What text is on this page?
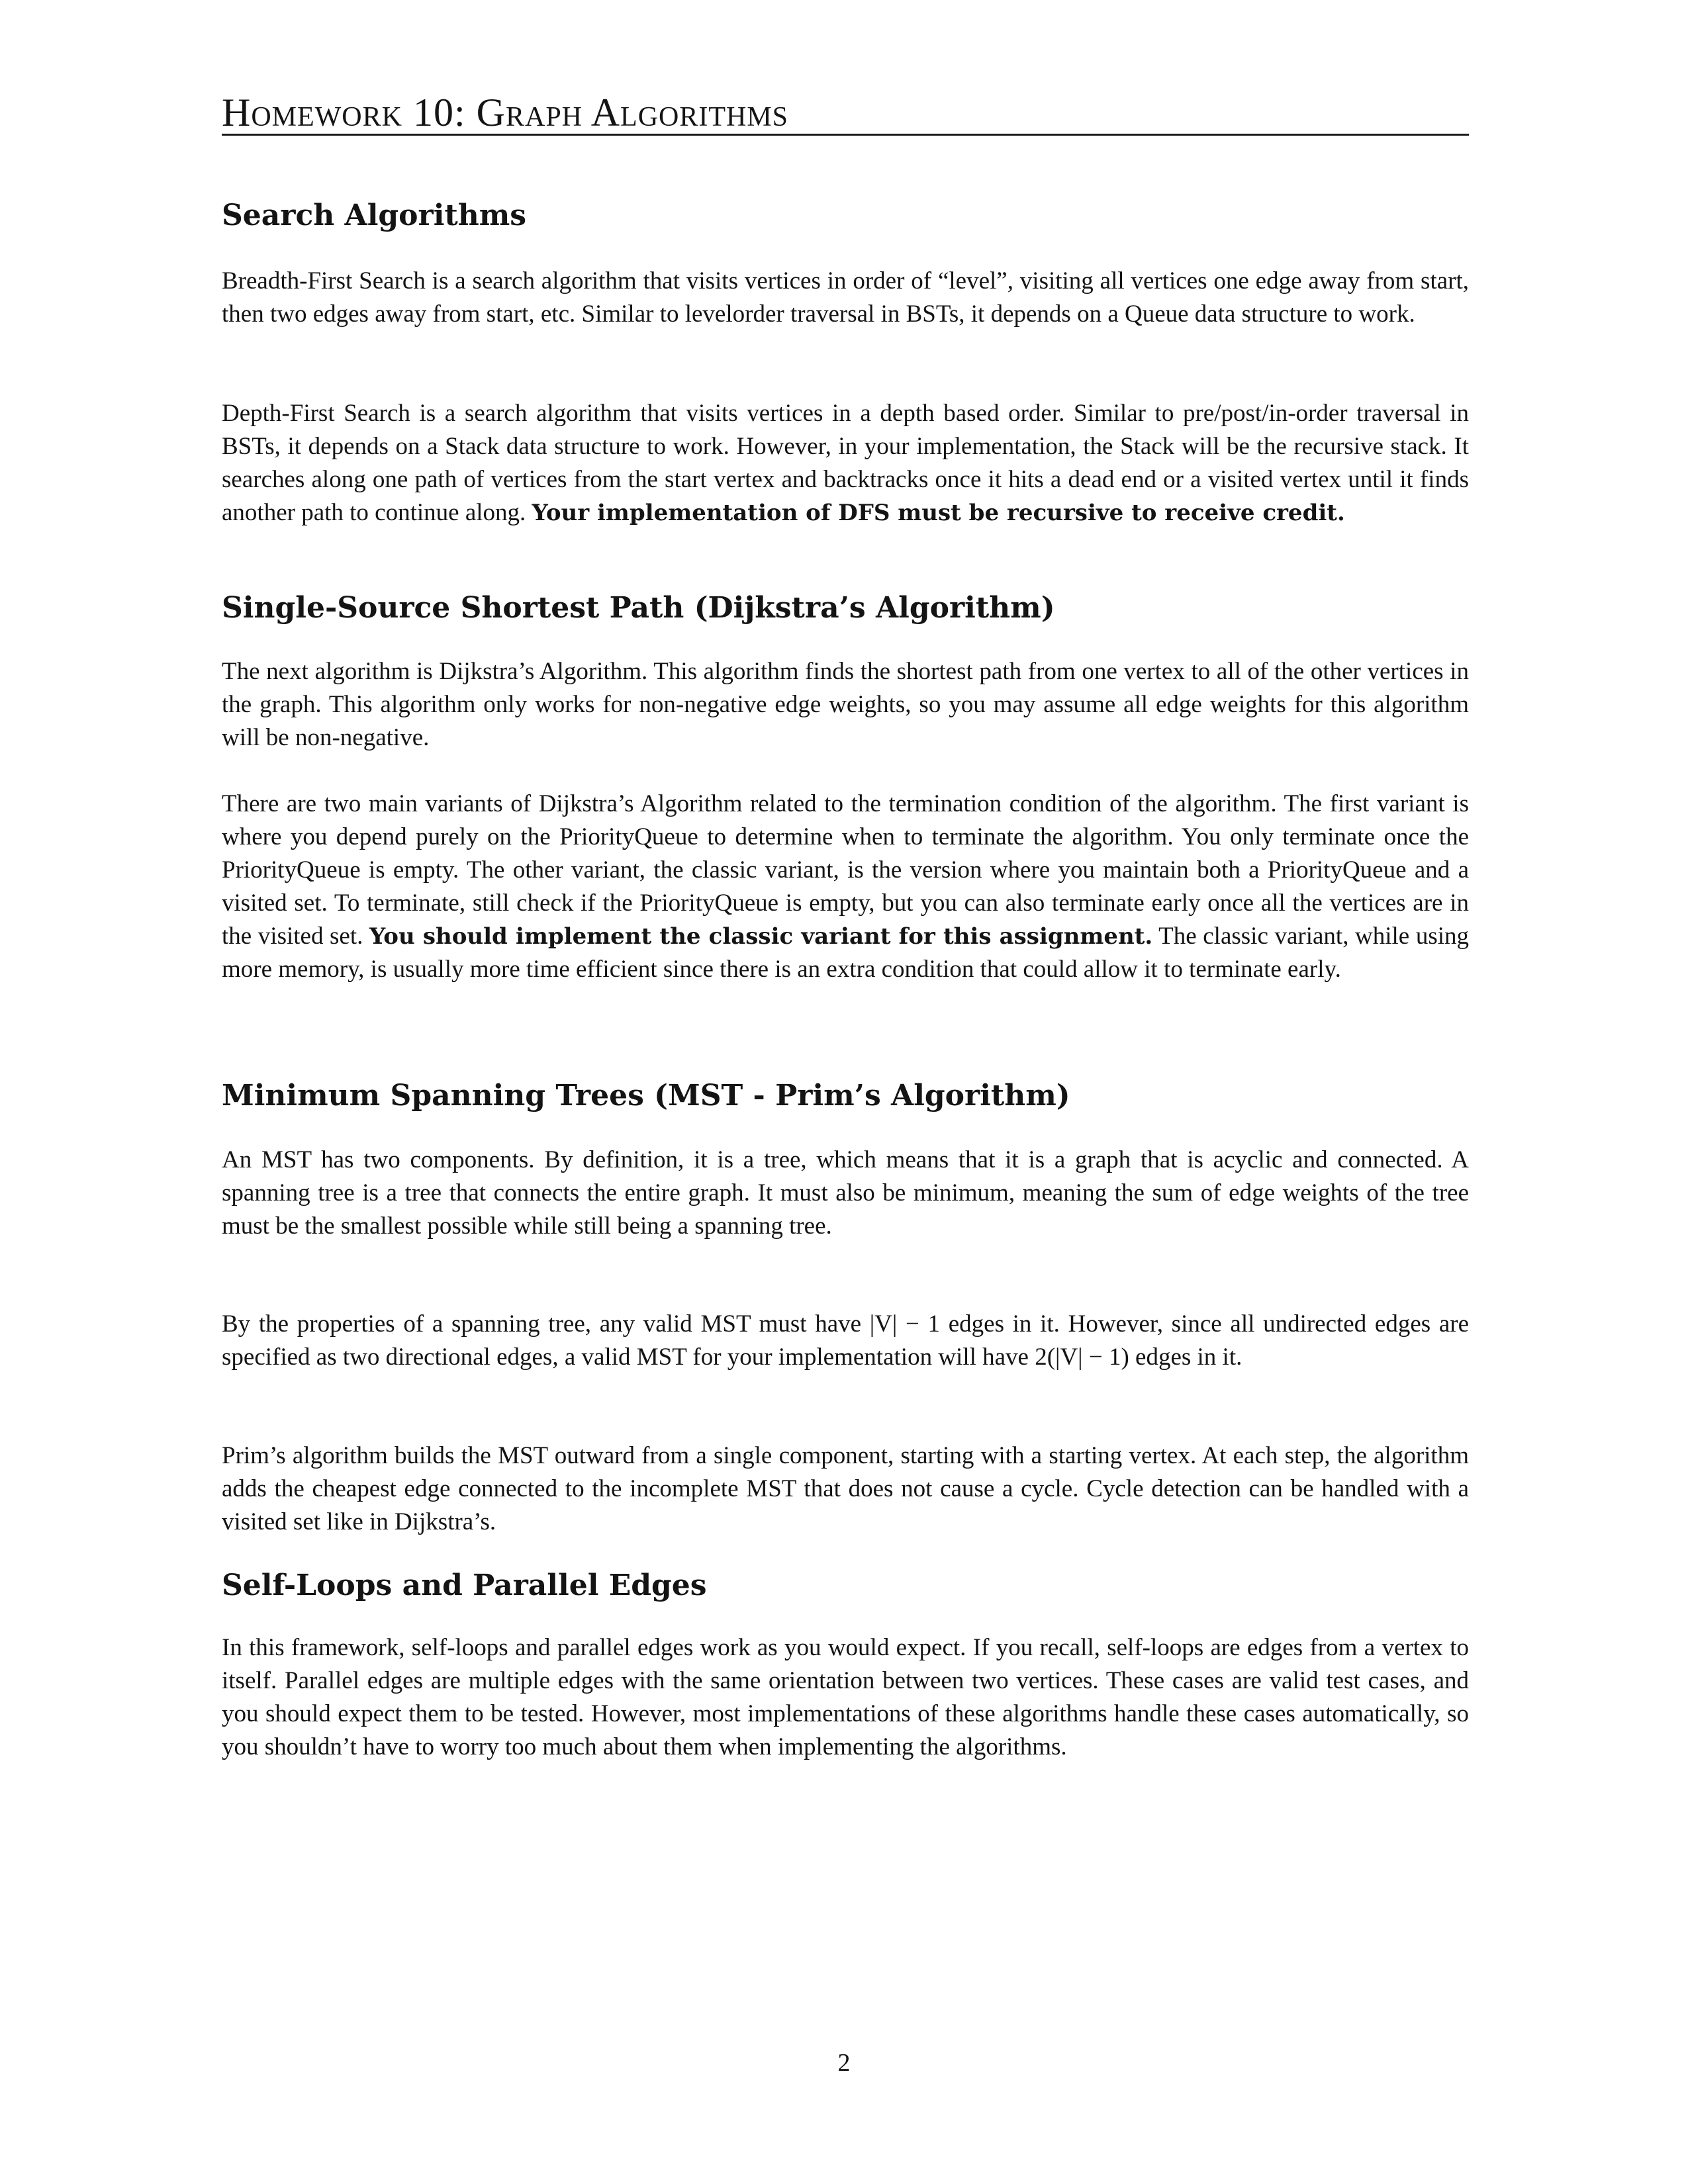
Homework 10: Graph Algorithms
Search Algorithms

Breadth-First Search is a search algorithm that visits vertices in order of “level”, visiting all vertices one edge away from start, then two edges away from start, etc. Similar to levelorder traversal in BSTs, it depends on a Queue data structure to work.

Depth-First Search is a search algorithm that visits vertices in a depth based order. Similar to pre/post/in-order traversal in BSTs, it depends on a Stack data structure to work. However, in your implementation, the Stack will be the recursive stack. It searches along one path of vertices from the start vertex and backtracks once it hits a dead end or a visited vertex until it finds another path to continue along. Your implementation of DFS must be recursive to receive credit.

Single-Source Shortest Path (Dijkstra’s Algorithm)

The next algorithm is Dijkstra’s Algorithm. This algorithm finds the shortest path from one vertex to all of the other vertices in the graph. This algorithm only works for non-negative edge weights, so you may assume all edge weights for this algorithm will be non-negative.

There are two main variants of Dijkstra’s Algorithm related to the termination condition of the algorithm. The first variant is where you depend purely on the PriorityQueue to determine when to terminate the algorithm. You only terminate once the PriorityQueue is empty. The other variant, the classic variant, is the version where you maintain both a PriorityQueue and a visited set. To terminate, still check if the PriorityQueue is empty, but you can also terminate early once all the vertices are in the visited set. You should implement the classic variant for this assignment. The classic variant, while using more memory, is usually more time efficient since there is an extra condition that could allow it to terminate early.

Minimum Spanning Trees (MST - Prim’s Algorithm)

An MST has two components. By definition, it is a tree, which means that it is a graph that is acyclic and connected. A spanning tree is a tree that connects the entire graph. It must also be minimum, meaning the sum of edge weights of the tree must be the smallest possible while still being a spanning tree.

By the properties of a spanning tree, any valid MST must have |V| − 1 edges in it. However, since all undirected edges are specified as two directional edges, a valid MST for your implementation will have 2(|V| − 1) edges in it.

Prim’s algorithm builds the MST outward from a single component, starting with a starting vertex. At each step, the algorithm adds the cheapest edge connected to the incomplete MST that does not cause a cycle. Cycle detection can be handled with a visited set like in Dijkstra’s.

Self-Loops and Parallel Edges

In this framework, self-loops and parallel edges work as you would expect. If you recall, self-loops are edges from a vertex to itself. Parallel edges are multiple edges with the same orientation between two vertices. These cases are valid test cases, and you should expect them to be tested. However, most implementations of these algorithms handle these cases automatically, so you shouldn’t have to worry too much about them when implementing the algorithms.

2
